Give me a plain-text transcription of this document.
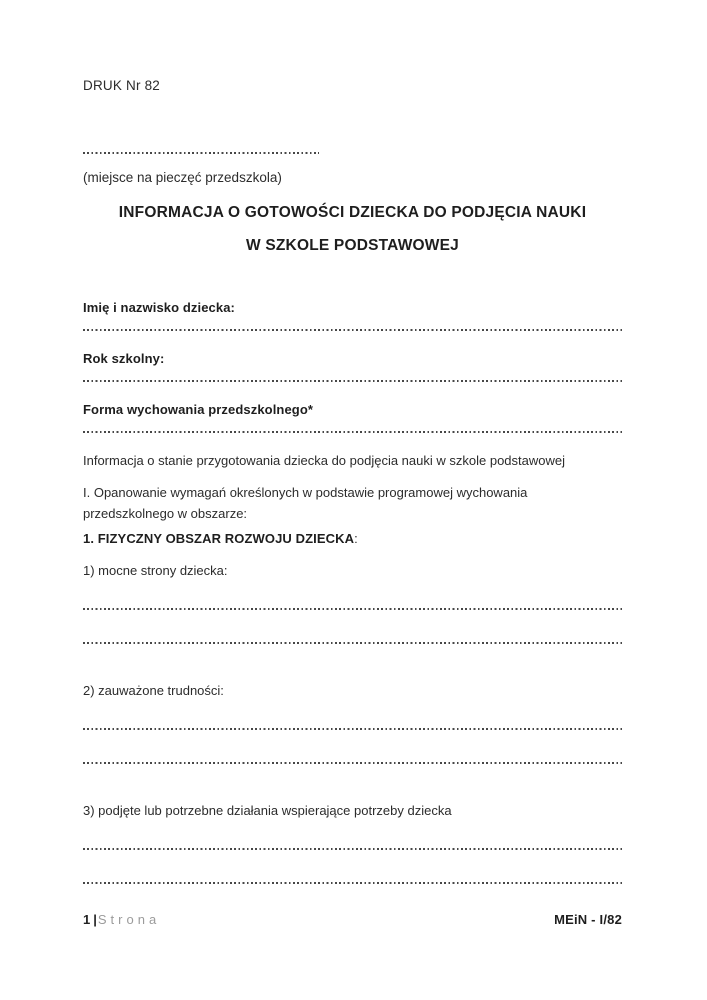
DRUK Nr 82
(miejsce na pieczęć przedszkola)
INFORMACJA O GOTOWOŚCI DZIECKA DO PODJĘCIA NAUKI
W SZKOLE PODSTAWOWEJ
Imię i nazwisko dziecka:
Rok szkolny:
Forma wychowania przedszkolnego*
Informacja o stanie przygotowania dziecka do podjęcia nauki w szkole podstawowej
I. Opanowanie wymagań określonych w podstawie programowej wychowania przedszkolnego w obszarze:
1. FIZYCZNY OBSZAR ROZWOJU DZIECKA:
1) mocne strony dziecka:
2) zauważone trudności:
3) podjęte lub potrzebne działania wspierające potrzeby dziecka
1 | Strona	MEiN - I/82
